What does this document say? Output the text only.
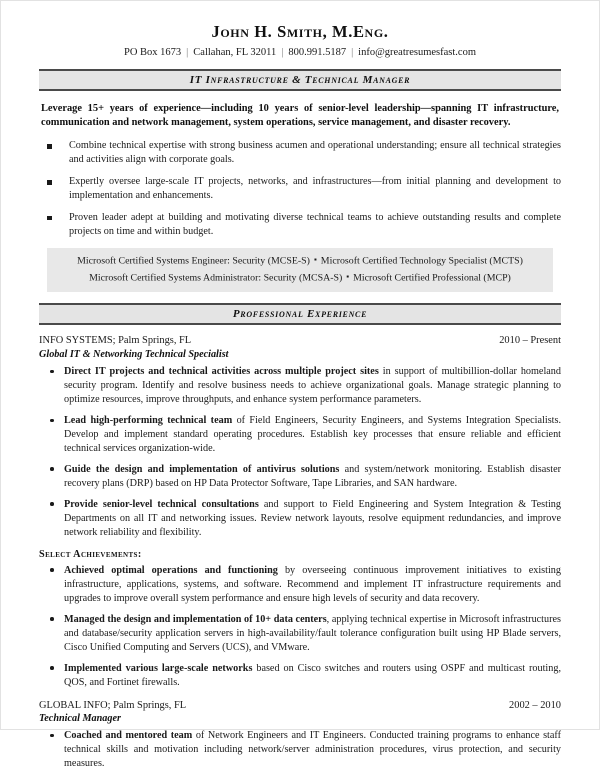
John H. Smith, M.Eng.
PO Box 1673 | Callahan, FL 32011 | 800.991.5187 | info@greatresumesfast.com
IT Infrastructure & Technical Manager
Leverage 15+ years of experience—including 10 years of senior-level leadership—spanning IT infrastructure, communication and network management, system operations, service management, and disaster recovery.
Combine technical expertise with strong business acumen and operational understanding; ensure all technical strategies and activities align with corporate goals.
Expertly oversee large-scale IT projects, networks, and infrastructures—from initial planning and development to implementation and enhancements.
Proven leader adept at building and motivating diverse technical teams to achieve outstanding results and complete projects on time and within budget.
Microsoft Certified Systems Engineer: Security (MCSE-S) ▪ Microsoft Certified Technology Specialist (MCTS)
Microsoft Certified Systems Administrator: Security (MCSA-S) ▪ Microsoft Certified Professional (MCP)
Professional Experience
INFO SYSTEMS; Palm Springs, FL	2010 – Present
Global IT & Networking Technical Specialist
Direct IT projects and technical activities across multiple project sites in support of multibillion-dollar homeland security program. Identify and resolve business needs to achieve organizational goals. Manage strategic planning to optimize resources, improve throughputs, and enhance system performance parameters.
Lead high-performing technical team of Field Engineers, Security Engineers, and Systems Integration Specialists. Develop and implement standard operating procedures. Establish key processes that ensure reliable and efficient technical services organization-wide.
Guide the design and implementation of antivirus solutions and system/network monitoring. Establish disaster recovery plans (DRP) based on HP Data Protector Software, Tape Libraries, and SAN hardware.
Provide senior-level technical consultations and support to Field Engineering and System Integration & Testing Departments on all IT and networking issues. Review network layouts, resolve equipment redundancies, and improve network reliability and flexibility.
Select Achievements:
Achieved optimal operations and functioning by overseeing continuous improvement initiatives to existing infrastructure, applications, systems, and software. Recommend and implement IT infrastructure requirements and upgrades to improve overall system performance and ensure high levels of security and data recovery.
Managed the design and implementation of 10+ data centers, applying technical expertise in Microsoft infrastructures and database/security application servers in high-availability/fault tolerance configuration built using HP Blade servers, Cisco Unified Computing and Servers (UCS), and VMware.
Implemented various large-scale networks based on Cisco switches and routers using OSPF and multicast routing, QOS, and Fortinet firewalls.
GLOBAL INFO; Palm Springs, FL	2002 – 2010
Technical Manager
Coached and mentored team of Network Engineers and IT Engineers. Conducted training programs to enhance staff technical skills and motivation including network/server administration procedures, virus protection, and security measures.
